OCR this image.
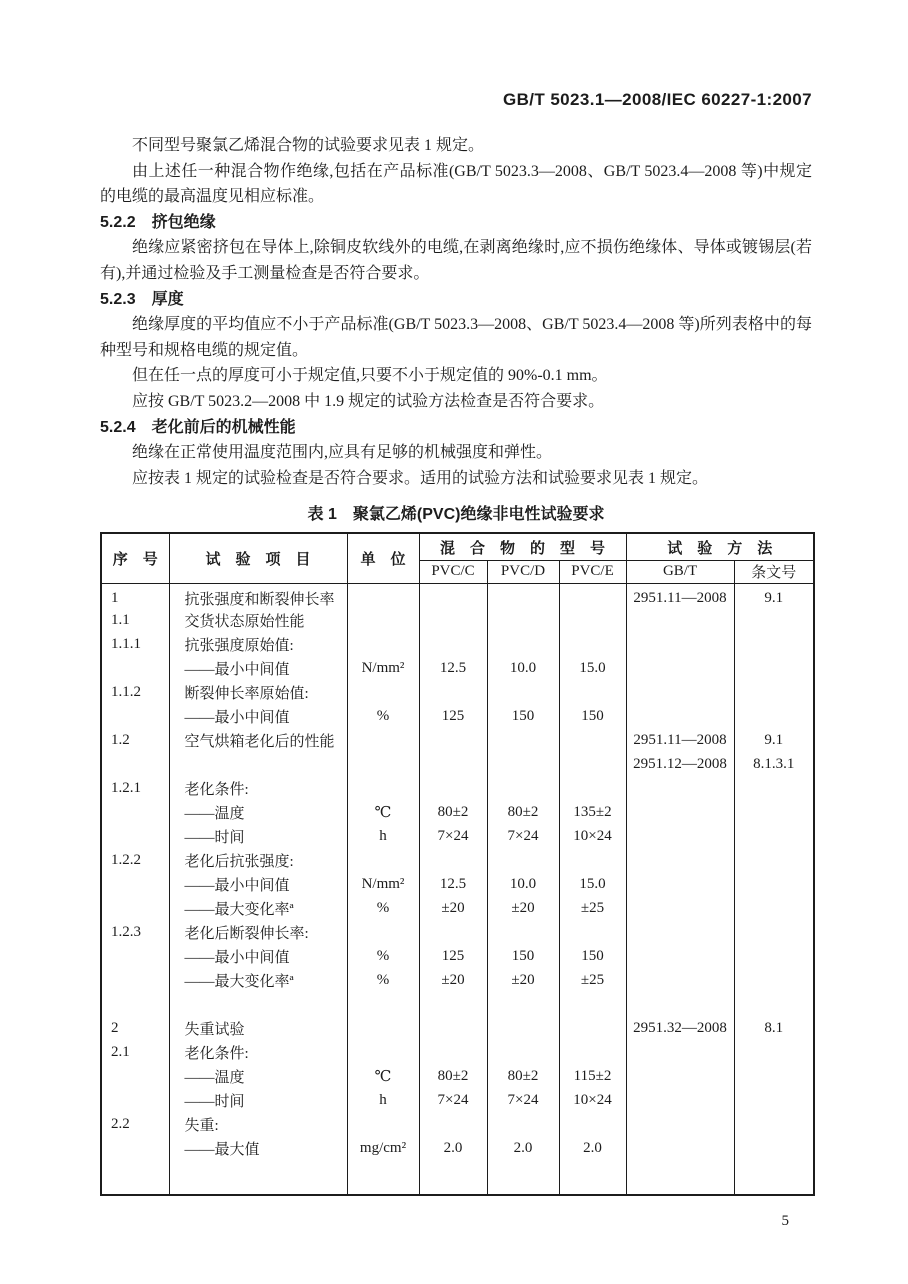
GB/T 5023.1—2008/IEC 60227-1:2007
不同型号聚氯乙烯混合物的试验要求见表 1 规定。
由上述任一种混合物作绝缘,包括在产品标准(GB/T 5023.3—2008、GB/T 5023.4—2008 等)中规定的电缆的最高温度见相应标准。
5.2.2  挤包绝缘
绝缘应紧密挤包在导体上,除铜皮软线外的电缆,在剥离绝缘时,应不损伤绝缘体、导体或镀锡层(若有),并通过检验及手工测量检查是否符合要求。
5.2.3  厚度
绝缘厚度的平均值应不小于产品标准(GB/T 5023.3—2008、GB/T 5023.4—2008 等)所列表格中的每种型号和规格电缆的规定值。
但在任一点的厚度可小于规定值,只要不小于规定值的 90%-0.1 mm。
应按 GB/T 5023.2—2008 中 1.9 规定的试验方法检查是否符合要求。
5.2.4  老化前后的机械性能
绝缘在正常使用温度范围内,应具有足够的机械强度和弹性。
应按表 1 规定的试验检查是否符合要求。适用的试验方法和试验要求见表 1 规定。
表 1　聚氯乙烯(PVC)绝缘非电性试验要求
序　号	试　验　项　目	单　位	混　合　物　的　型　号			试　验　方　法	
			PVC/C	PVC/D	PVC/E	GB/T	条文号
1	抗张强度和断裂伸长率					2951.11—2008	9.1
1.1	交货状态原始性能						
1.1.1	抗张强度原始值:						
	——最小中间值	N/mm²	12.5	10.0	15.0		
1.1.2	断裂伸长率原始值:						
	——最小中间值	%	125	150	150		
1.2	空气烘箱老化后的性能					2951.11—2008	9.1
						2951.12—2008	8.1.3.1
1.2.1	老化条件:						
	——温度	℃	80±2	80±2	135±2		
	——时间	h	7×24	7×24	10×24		
1.2.2	老化后抗张强度:						
	——最小中间值	N/mm²	12.5	10.0	15.0		
	——最大变化率ª	%	±20	±20	±25		
1.2.3	老化后断裂伸长率:						
	——最小中间值	%	125	150	150		
	——最大变化率ª	%	±20	±20	±25		

2	失重试验					2951.32—2008	8.1
2.1	老化条件:						
	——温度	℃	80±2	80±2	115±2		
	——时间	h	7×24	7×24	10×24		
2.2	失重:						
	——最大值	mg/cm²	2.0	2.0	2.0		

5
